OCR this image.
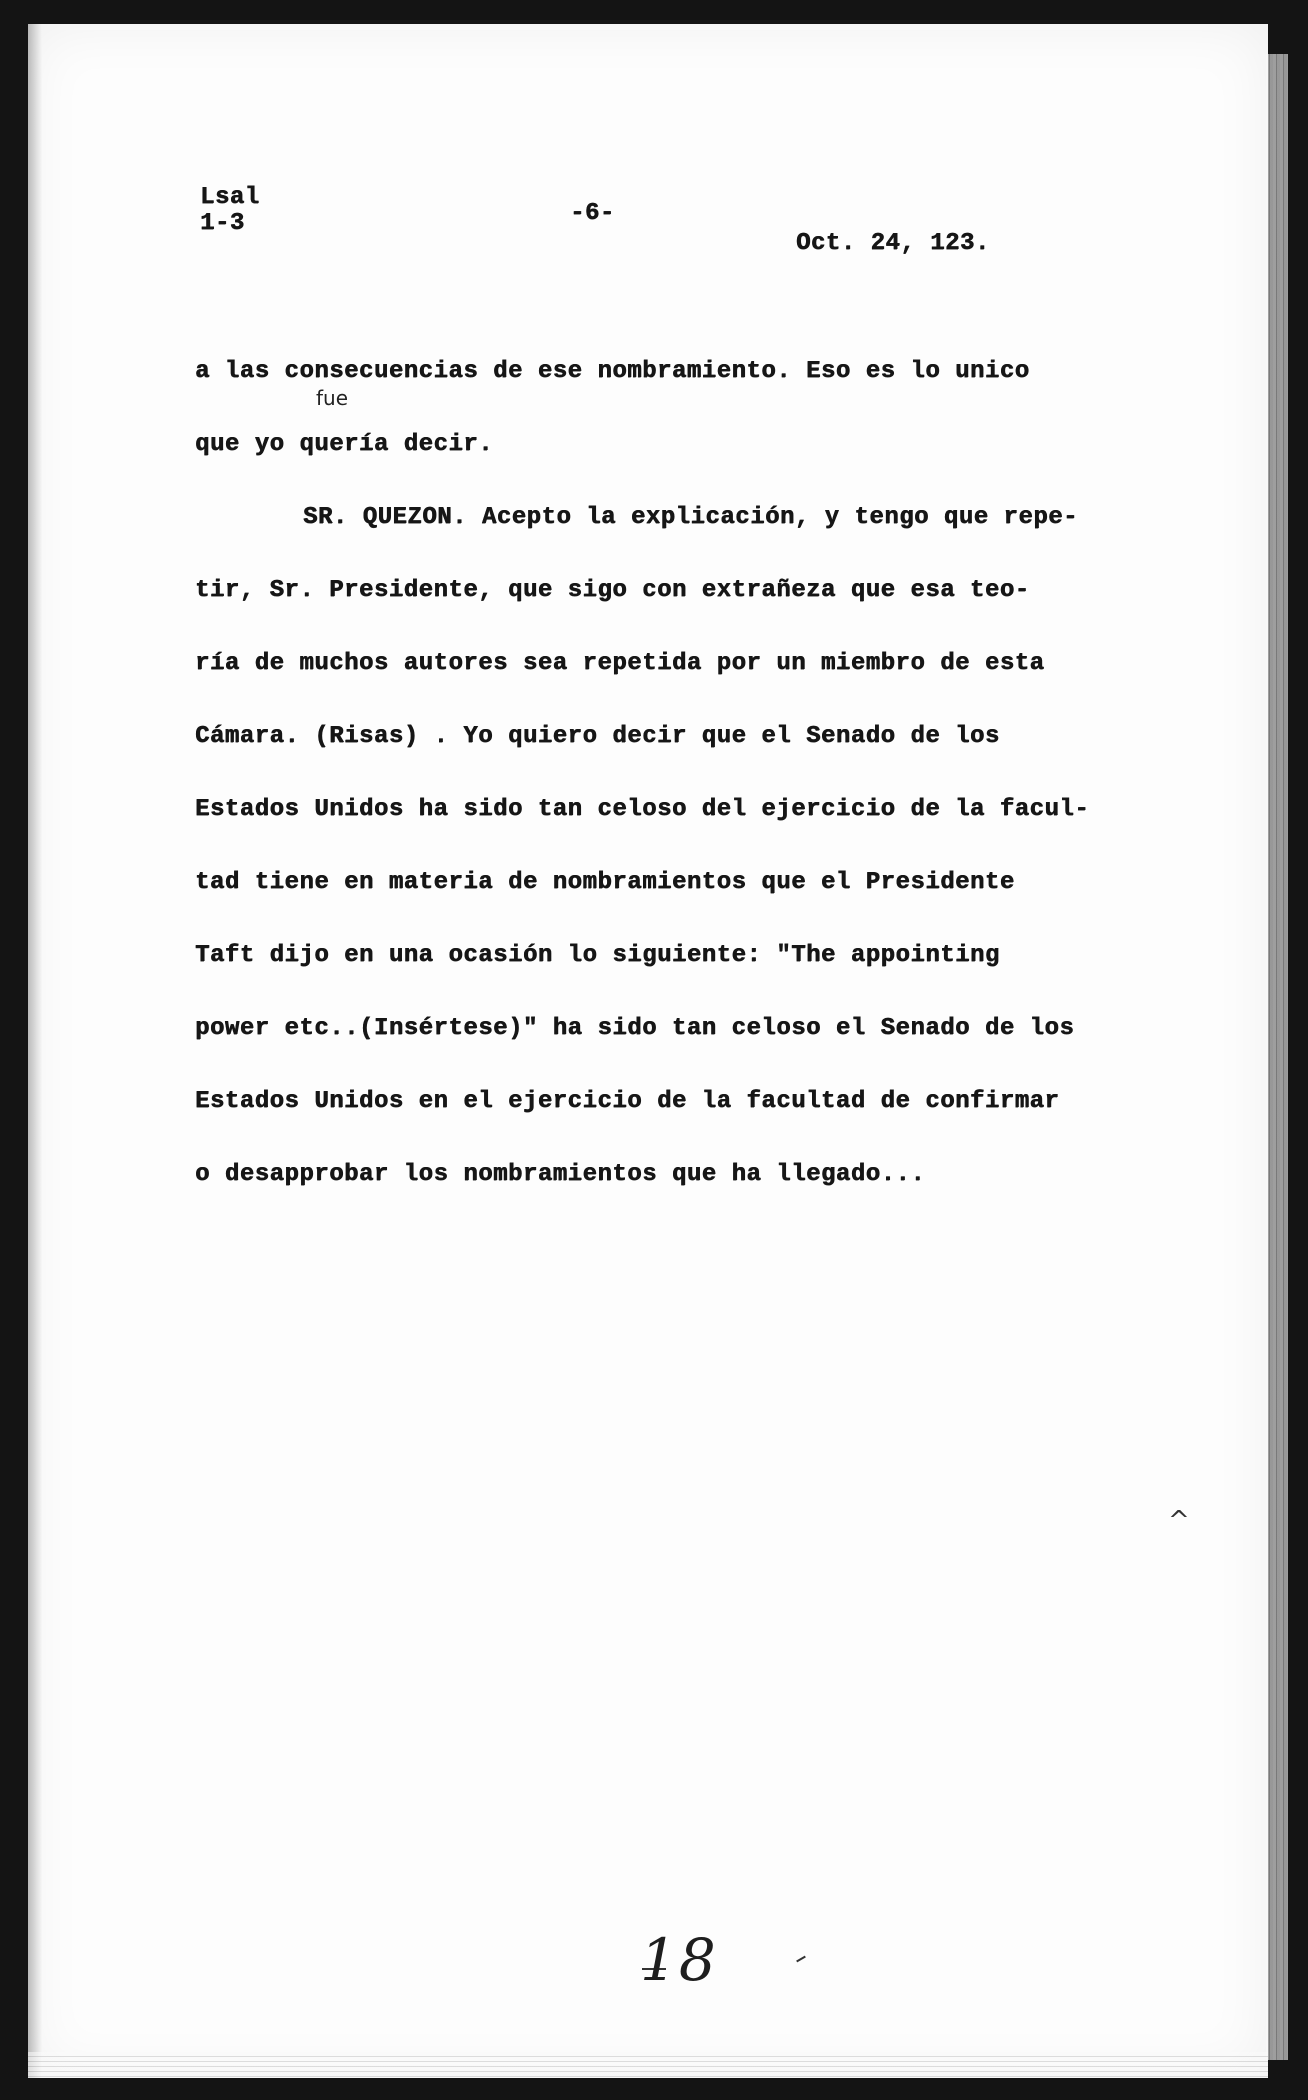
Lsal
1-3	-6-
Oct. 24, 123.
a las consecuencias de ese nombramiento. Eso es lo unico
que yo quería decir.
SR. QUEZON. Acepto la explicación, y tengo que repe-
tir, Sr. Presidente, que sigo con extrañeza que esa teo-
ría de muchos autores sea repetida por un miembro de esta
Cámara. (Risas) . Yo quiero decir que el Senado de los
Estados Unidos ha sido tan celoso del ejercicio de la facul-
tad tiene en materia de nombramientos que el Presidente
Taft dijo en una ocasión lo siguiente: "The appointing
power etc..(Insértese)" ha sido tan celoso el Senado de los
Estados Unidos en el ejercicio de la facultad de confirmar
o desapprobar los nombramientos que ha llegado...
fue
18
^
